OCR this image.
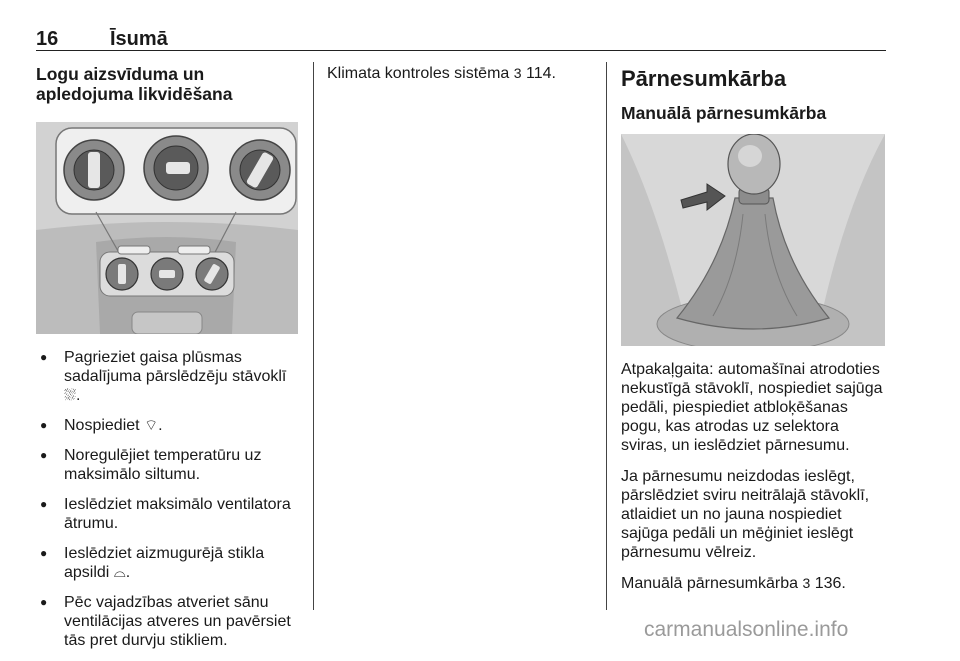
16	Īsumā
Logu aizsvīduma un apledojuma likvidēšana
● Pagrieziet gaisa plūsmas sadalījuma pārslēdzēju stāvoklī ⛆.
● Nospiediet ⌔.
● Noregulējiet temperatūru uz maksimālo siltumu.
● Ieslēdziet maksimālo ventilatora ātrumu.
● Ieslēdziet aizmugurējā stikla apsildi ⌓.
● Pēc vajadzības atveriet sānu ventilācijas atveres un pavērsiet tās pret durvju stikliem.

Klimata kontroles sistēma 3 114.	Pārnesumkārba
Manuālā pārnesumkārba

Atpakaļgaita: automašīnai atrodoties nekustīgā stāvoklī, nospiediet sajūga pedāli, piespiediet atbloķēšanas pogu, kas atrodas uz selektora sviras, un ieslēdziet pārnesumu.

Ja pārnesumu neizdodas ieslēgt, pārslēdziet sviru neitrālajā stāvoklī, atlaidiet un no jauna nospiediet sajūga pedāli un mēģiniet ieslēgt pārnesumu vēlreiz.

Manuālā pārnesumkārba 3 136.

carmanualsonline.info
